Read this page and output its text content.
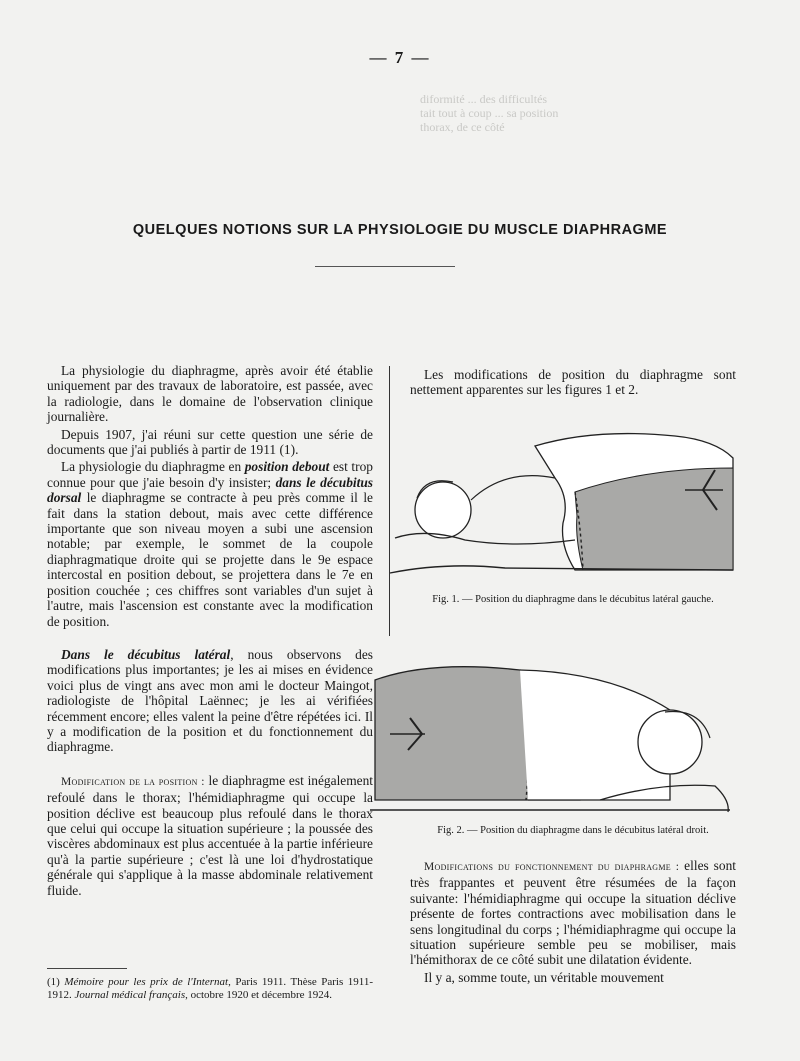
— 7 —
diformité ... des difficultés
tait tout à coup ... sa position
thorax, de ce côté
QUELQUES NOTIONS SUR LA PHYSIOLOGIE DU MUSCLE DIAPHRAGME

La physiologie du diaphragme, après avoir été établie uniquement par des travaux de laboratoire, est passée, avec la radiologie, dans le domaine de l'observation clinique journalière.

Depuis 1907, j'ai réuni sur cette question une série de documents que j'ai publiés à partir de 1911 (1).

La physiologie du diaphragme en position debout est trop connue pour que j'aie besoin d'y insister; dans le décubitus dorsal le diaphragme se contracte à peu près comme il le fait dans la station debout, mais avec cette différence importante que son niveau moyen a subi une ascension notable; par exemple, le sommet de la coupole diaphragmatique droite qui se projette dans le 9e espace intercostal en position debout, se projettera dans le 7e en position couchée ; ces chiffres sont variables d'un sujet à l'autre, mais l'ascension est constante avec la modification de position.

Dans le décubitus latéral, nous observons des modifications plus importantes; je les ai mises en évidence voici plus de vingt ans avec mon ami le docteur Maingot, radiologiste de l'hôpital Laënnec; je les ai vérifiées récemment encore; elles valent la peine d'être répétées ici. Il y a modification de la position et du fonctionnement du diaphragme.

Modification de la position : le diaphragme est inégalement refoulé dans le thorax; l'hémidiaphragme qui occupe la position déclive est beaucoup plus refoulé dans le thorax que celui qui occupe la situation supérieure ; la poussée des viscères abdominaux est plus accentuée à la partie inférieure qu'à la partie supérieure ; c'est là une loi d'hydrostatique générale qui s'applique à la masse abdominale relativement fluide.

Les modifications de position du diaphragme sont nettement apparentes sur les figures 1 et 2.

Fig. 1. — Position du diaphragme dans le décubitus latéral gauche.
Fig. 2. — Position du diaphragme dans le décubitus latéral droit.

Modifications du fonctionnement du diaphragme : elles sont très frappantes et peuvent être résumées de la façon suivante: l'hémidiaphragme qui occupe la situation déclive présente de fortes contractions avec mobilisation dans le sens longitudinal du corps ; l'hémidiaphragme qui occupe la situation supérieure semble peu se mobiliser, mais l'hémithorax de ce côté subit une dilatation évidente.

Il y a, somme toute, un véritable mouvement

(1) Mémoire pour les prix de l'Internat, Paris 1911. Thèse Paris 1911-1912. Journal médical français, octobre 1920 et décembre 1924.
